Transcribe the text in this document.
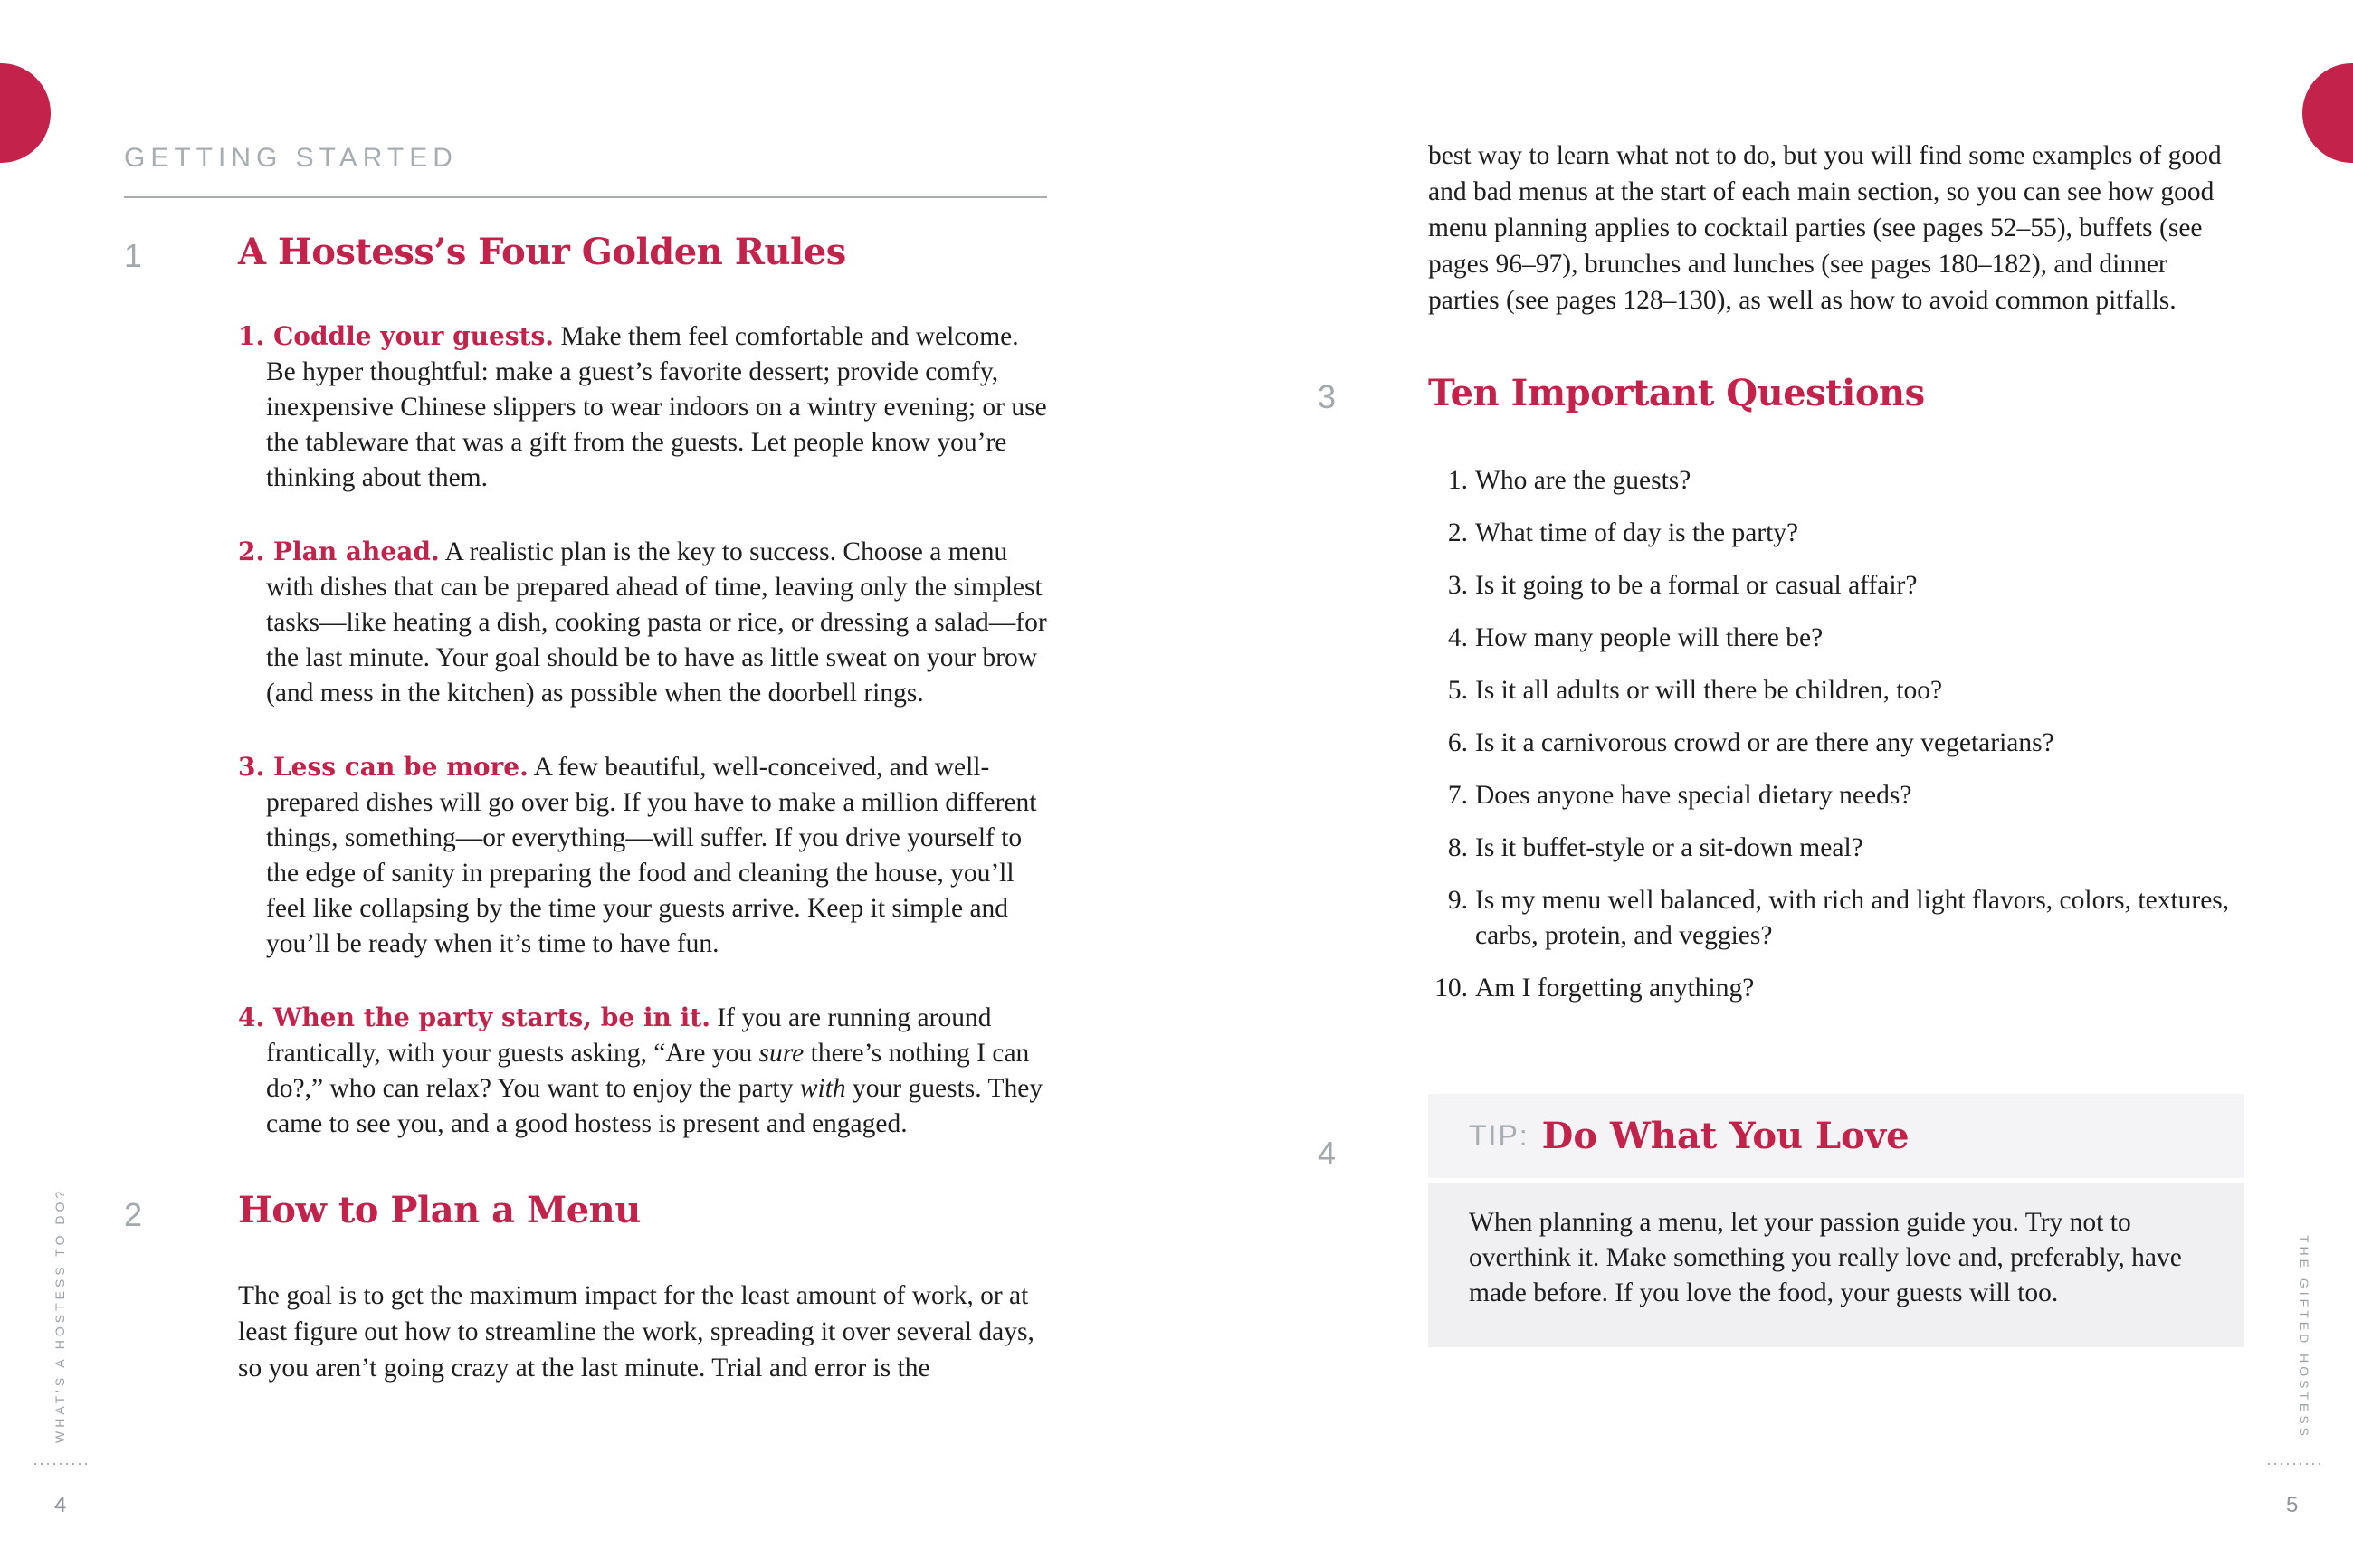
GETTING STARTED
1	A Hostess’s Four Golden Rules
1. Coddle your guests. Make them feel comfortable and welcome. Be hyper thoughtful: make a guest’s favorite dessert; provide comfy, inexpensive Chinese slippers to wear indoors on a wintry evening; or use the tableware that was a gift from the guests. Let people know you’re thinking about them.
2. Plan ahead. A realistic plan is the key to success. Choose a menu with dishes that can be prepared ahead of time, leaving only the simplest tasks—like heating a dish, cooking pasta or rice, or dressing a salad—for the last minute. Your goal should be to have as little sweat on your brow (and mess in the kitchen) as possible when the doorbell rings.
3. Less can be more. A few beautiful, well-conceived, and well-prepared dishes will go over big. If you have to make a million different things, something—or everything—will suffer. If you drive yourself to the edge of sanity in preparing the food and cleaning the house, you’ll feel like collapsing by the time your guests arrive. Keep it simple and you’ll be ready when it’s time to have fun.
4. When the party starts, be in it. If you are running around frantically, with your guests asking, “Are you sure there’s nothing I can do?,” who can relax? You want to enjoy the party with your guests. They came to see you, and a good hostess is present and engaged.
2	How to Plan a Menu
The goal is to get the maximum impact for the least amount of work, or at least figure out how to streamline the work, spreading it over several days, so you aren’t going crazy at the last minute. Trial and error is the
WHAT'S A HOSTESS TO DO?
4
best way to learn what not to do, but you will find some examples of good and bad menus at the start of each main section, so you can see how good menu planning applies to cocktail parties (see pages 52–55), buffets (see pages 96–97), brunches and lunches (see pages 180–182), and dinner parties (see pages 128–130), as well as how to avoid common pitfalls.
3	Ten Important Questions
1. Who are the guests?
2. What time of day is the party?
3. Is it going to be a formal or casual affair?
4. How many people will there be?
5. Is it all adults or will there be children, too?
6. Is it a carnivorous crowd or are there any vegetarians?
7. Does anyone have special dietary needs?
8. Is it buffet-style or a sit-down meal?
9. Is my menu well balanced, with rich and light flavors, colors, textures, carbs, protein, and veggies?
10. Am I forgetting anything?
4	TIP: Do What You Love
When planning a menu, let your passion guide you. Try not to overthink it. Make something you really love and, preferably, have made before. If you love the food, your guests will too.	THE GIFTED HOSTESS
5
